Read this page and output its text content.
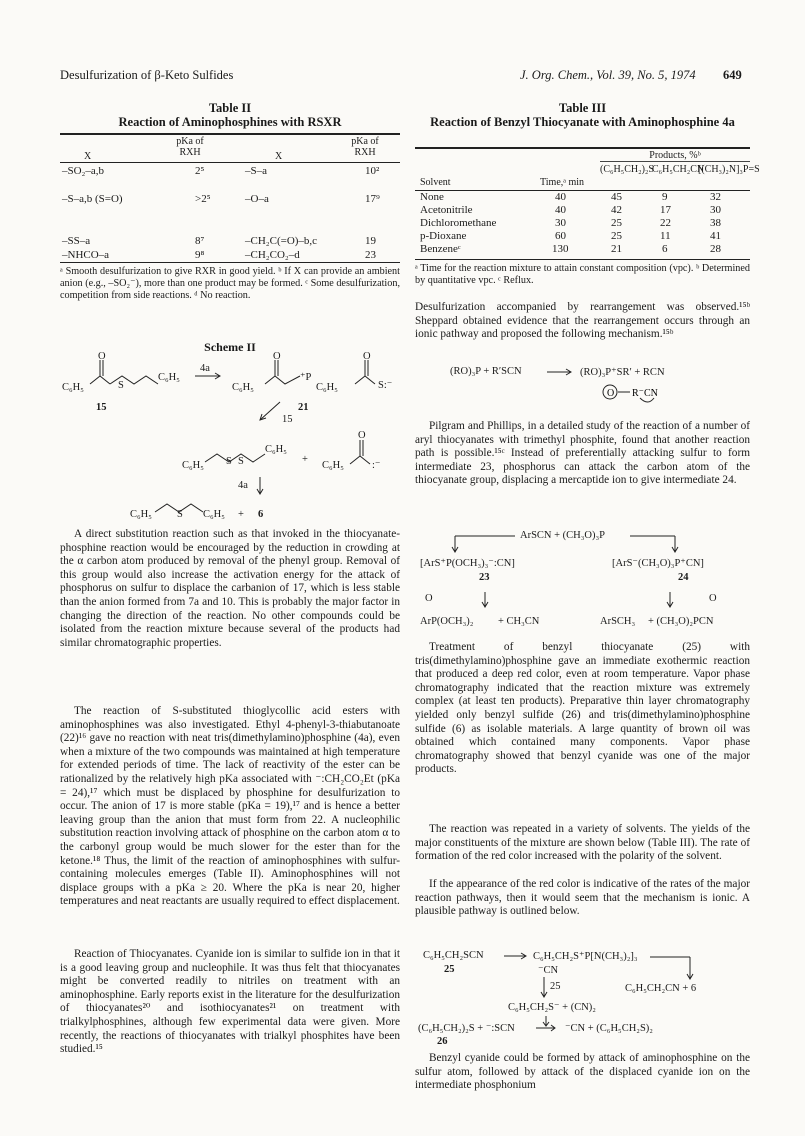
Desulfurization of β-Keto Sulfides	J. Org. Chem., Vol. 39, No. 5, 1974 649
Table II
Reaction of Aminophosphines with RSXR
X
pKa of RXH	X
pKa of RXH
–SO₂–a,b	2⁵	–S–a	10²
–S–a,b (S=O)	>2⁵	–O–a	17⁹
–SS–a	8⁷	–CH₂C(=O)–b,c	19
–NHCO–a	9⁸	–CH₂CO₂–d	23
ᵃ Smooth desulfurization to give RXR in good yield. ᵇ If X can provide an ambient anion (e.g., –SO₂⁻), more than one product may be formed. ᶜ Some desulfurization, competition from side reactions. ᵈ No reaction.
Scheme II
O
C₆H₅	S
C₆H₅
4a
15
O
C₆H₅
⁺P
C₆H₅
O
S:⁻
21
15
C₆H₅ S S
C₆H₅
+
C₆H₅
O
:⁻
4a
C₆H₅ S C₆H₅ + 6
A direct substitution reaction such as that invoked in the thiocyanate-phosphine reaction would be encouraged by the reduction in crowding at the α carbon atom produced by removal of the phenyl group. Removal of this group would also increase the activation energy for the attack of phosphorus on sulfur to displace the carbanion of 17, which is less stable than the anion formed from 7a and 10. This is probably the major factor in changing the direction of the reaction. No other compounds could be isolated from the reaction mixture because several of the products had similar chromatographic properties.
The reaction of S-substituted thioglycollic acid esters with aminophosphines was also investigated. Ethyl 4-phenyl-3-thiabutanoate (22)¹⁶ gave no reaction with neat tris(dimethylamino)phosphine (4a), even when a mixture of the two compounds was maintained at high temperature for extended periods of time. The lack of reactivity of the ester can be rationalized by the relatively high pKa associated with ⁻:CH₂CO₂Et (pKa = 24),¹⁷ which must be displaced by phosphine for desulfurization to occur. The anion of 17 is more stable (pKa = 19),¹⁷ and is hence a better leaving group than the anion that must form from 22. A nucleophilic substitution reaction involving attack of phosphine on the carbon atom α to the carbonyl group would be much slower for the ester than for the ketone.¹⁸ Thus, the limit of the reaction of aminophosphines with sulfur-containing molecules emerges (Table II). Aminophosphines will not displace groups with a pKa ≥ 20. Where the pKa is near 20, higher temperatures and neat reactants are usually required to effect displacement.
Reaction of Thiocyanates. Cyanide ion is similar to sulfide ion in that it is a good leaving group and nucleophile. It was thus felt that thiocyanates might be converted readily to nitriles on treatment with an aminophosphine. Early reports exist in the literature for the desulfurization of thiocyanates²⁰ and isothiocyanates²¹ on treatment with trialkylphosphines, although few experimental data were given. More recently, the reactions of thiocyanates with trialkyl phosphites have been studied.¹⁵
Table III
Reaction of Benzyl Thiocyanate with Aminophosphine 4a
Products, %ᵇ
Solvent	Time,ᵃ min
(C₆H₅CH₂)₂S
C₆H₅CH₂CN
[(CH₃)₂N]₃P=S
None	40	45	9	32
Acetonitrile	40	42	17	30
Dichloromethane	30	25	22	38
p-Dioxane	60	25	11	41
Benzeneᶜ	130	21	6	28
ᵃ Time for the reaction mixture to attain constant composition (vpc). ᵇ Determined by quantitative vpc. ᶜ Reflux.
Desulfurization accompanied by rearrangement was observed.¹⁵ᵇ Sheppard obtained evidence that the rearrangement occurs through an ionic pathway and proposed the following mechanism.¹⁵ᵇ
(RO)₃P + R′SCN	(RO)₃P⁺SR′ + RCN
O R⁻CN
Pilgram and Phillips, in a detailed study of the reaction of a number of aryl thiocyanates with trimethyl phosphite, found that another reaction path is possible.¹⁵ᶜ Instead of preferentially attacking sulfur to form intermediate 23, phosphorus can attack the carbon atom of the thiocyanate group, displacing a mercaptide ion to give intermediate 24.
ArSCN + (CH₃O)₃P
[ArS⁺P(OCH₃)₃⁻:CN]	[ArS⁻(CH₃O)₃P⁺CN]
23	24
O	O
ArP(OCH₃)₂ + CH₃CN	ArSCH₃ + (CH₃O)₂PCN
Treatment of benzyl thiocyanate (25) with tris(dimethylamino)phosphine gave an immediate exothermic reaction that produced a deep red color, even at room temperature. Vapor phase chromatography indicated that the reaction mixture was extremely complex (at least ten products). Preparative thin layer chromatography yielded only benzyl sulfide (26) and tris(dimethylamino)phosphine sulfide (6) as isolable materials. A large quantity of brown oil was obtained which contained many components. Vapor phase chromatography showed that benzyl cyanide was one of the major products.
The reaction was repeated in a variety of solvents. The yields of the major constituents of the mixture are shown below (Table III). The rate of formation of the red color increased with the polarity of the solvent.
If the appearance of the red color is indicative of the rates of the major reaction pathways, then it would seem that the mechanism is ionic. A plausible pathway is outlined below.
C₆H₅CH₂SCN
25
C₆H₅CH₂S⁺P[N(CH₃)₂]₃
⁻CN
25	C₆H₅CH₂CN + 6
C₆H₅CH₂S⁻ + (CN)₂
(C₆H₅CH₂)₂S + ⁻:SCN	⁻CN + (C₆H₅CH₂S)₂
26
Benzyl cyanide could be formed by attack of aminophosphine on the sulfur atom, followed by attack of the displaced cyanide ion on the intermediate phosphonium
